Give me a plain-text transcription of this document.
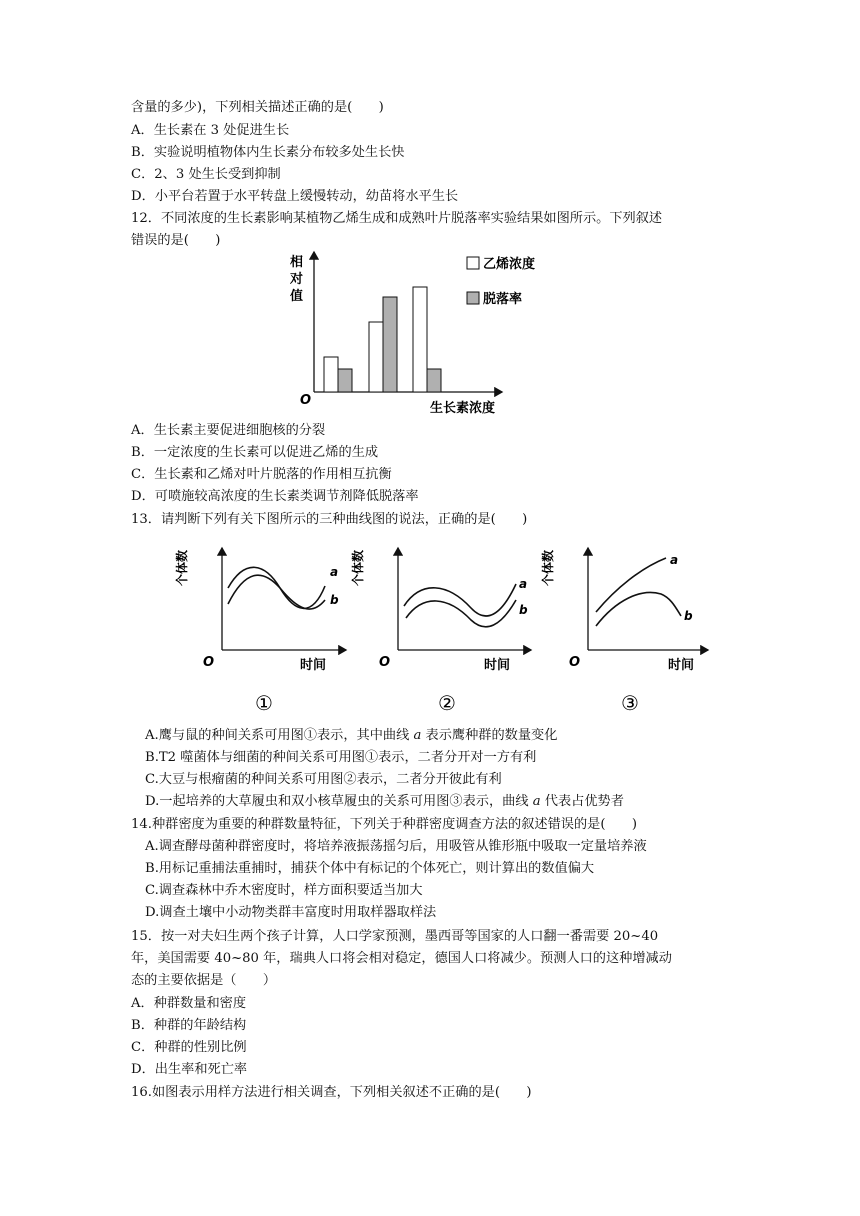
含量的多少)，下列相关描述正确的是(　　)
A．生长素在 3 处促进生长
B．实验说明植物体内生长素分布较多处生长快
C．2、3 处生长受到抑制
D．小平台若置于水平转盘上缓慢转动，幼苗将水平生长
12．不同浓度的生长素影响某植物乙烯生成和成熟叶片脱落率实验结果如图所示。下列叙述
错误的是(　　)
相
对
值
O
生长素浓度
乙烯浓度
脱落率
A．生长素主要促进细胞核的分裂
B．一定浓度的生长素可以促进乙烯的生成
C．生长素和乙烯对叶片脱落的作用相互抗衡
D．可喷施较高浓度的生长素类调节剂降低脱落率
13．请判断下列有关下图所示的三种曲线图的说法，正确的是(　　)
个体数
O	时间
a
b
①
个体数
O	时间
a
b
②
个体数
O	时间
a
b
③
A.鹰与鼠的种间关系可用图①表示，其中曲线 a 表示鹰种群的数量变化
B.T2 噬菌体与细菌的种间关系可用图①表示，二者分开对一方有利
C.大豆与根瘤菌的种间关系可用图②表示，二者分开彼此有利
D.一起培养的大草履虫和双小核草履虫的关系可用图③表示，曲线 a 代表占优势者
14.种群密度为重要的种群数量特征，下列关于种群密度调查方法的叙述错误的是(　　)
A.调查酵母菌种群密度时，将培养液振荡摇匀后，用吸管从锥形瓶中吸取一定量培养液
B.用标记重捕法重捕时，捕获个体中有标记的个体死亡，则计算出的数值偏大
C.调查森林中乔木密度时，样方面积要适当加大
D.调查土壤中小动物类群丰富度时用取样器取样法
15．按一对夫妇生两个孩子计算，人口学家预测，墨西哥等国家的人口翻一番需要 20~40
年，美国需要 40~80 年，瑞典人口将会相对稳定，德国人口将减少。预测人口的这种增减动
态的主要依据是（　　）
A．种群数量和密度
B．种群的年龄结构
C．种群的性别比例
D．出生率和死亡率
16.如图表示用样方法进行相关调查，下列相关叙述不正确的是(　　)
